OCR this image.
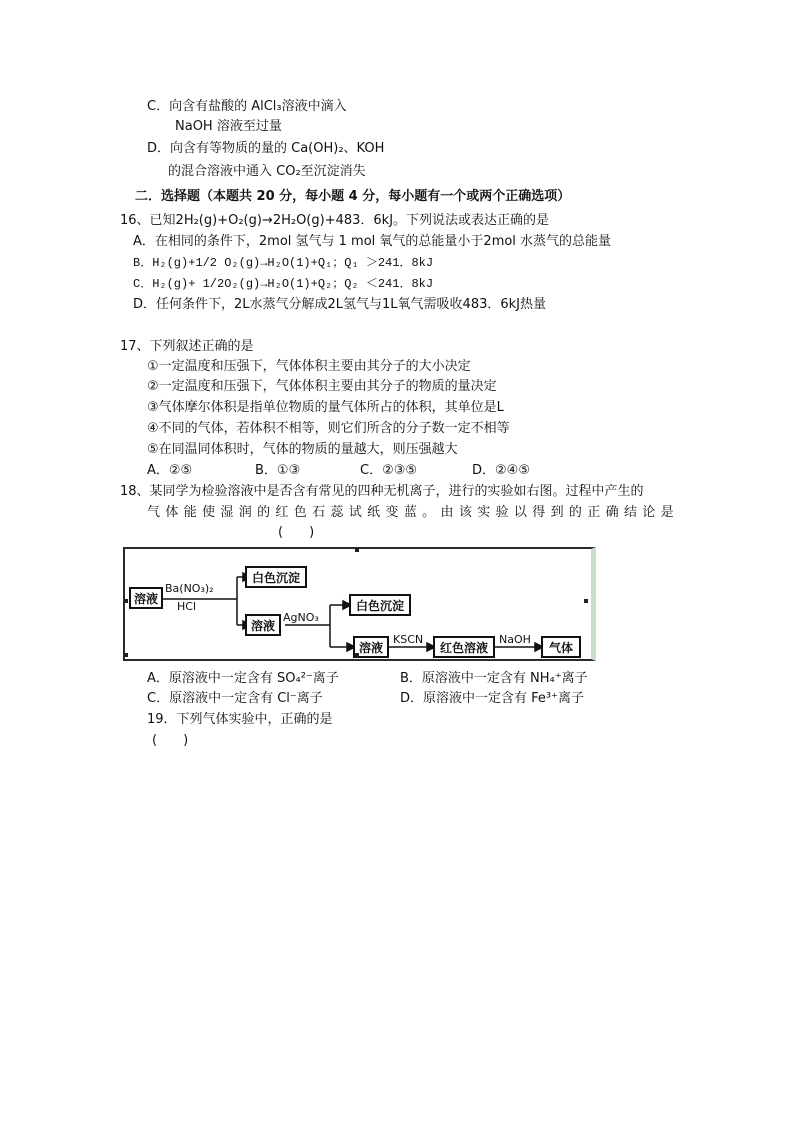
C．向含有盐酸的 AlCl₃溶液中滴入
NaOH 溶液至过量
D．向含有等物质的量的 Ca(OH)₂、KOH
的混合溶液中通入 CO₂至沉淀消失
二．选择题（本题共 20 分，每小题 4 分，每小题有一个或两个正确选项）
16、已知2H₂(g)+O₂(g)→2H₂O(g)+483．6kJ。下列说法或表达正确的是
A．在相同的条件下，2mol 氢气与 1 mol 氧气的总能量小于2mol 水蒸气的总能量
B．H₂(g)+1/2 O₂(g)→H₂O(1)+Q₁；Q₁ ＞241．8kJ
C．H₂(g)+ 1/2O₂(g)→H₂O(1)+Q₂；Q₂ ＜241．8kJ
D．任何条件下，2L水蒸气分解成2L氢气与1L氧气需吸收483．6kJ热量
17、下列叙述正确的是
①一定温度和压强下，气体体积主要由其分子的大小决定
②一定温度和压强下，气体体积主要由其分子的物质的量决定
③气体摩尔体积是指单位物质的量气体所占的体积，其单位是L
④不同的气体，若体积不相等，则它们所含的分子数一定不相等
⑤在同温同体积时，气体的物质的量越大，则压强越大
A．②⑤	B．①③	C．②③⑤	D．②④⑤
18、某同学为检验溶液中是否含有常见的四种无机离子，进行的实验如右图。过程中产生的
气 体 能 使 湿 润 的 红 色 石 蕊 试 纸 变 蓝 。 由 该 实 验 以 得 到 的 正 确 结 论 是
(　　)
溶液
Ba(NO₃)₂
HCl
白色沉淀
溶液
AgNO₃
白色沉淀
溶液
KSCN
红色溶液
NaOH
气体
A．原溶液中一定含有 SO₄²⁻离子	B．原溶液中一定含有 NH₄⁺离子
C．原溶液中一定含有 Cl⁻离子	D．原溶液中一定含有 Fe³⁺离子
19．下列气体实验中，正确的是
(　　)
